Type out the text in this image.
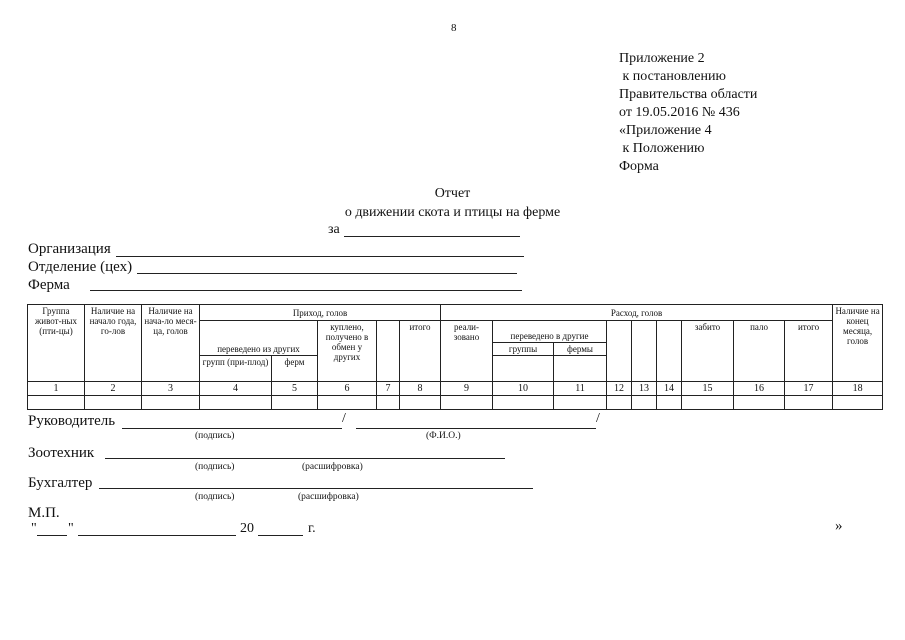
8
Приложение 2
к постановлению
Правительства области
от 19.05.2016 № 436
«Приложение 4
к Положению
Форма
Отчет
о движении скота и птицы на ферме
за
Организация
Отделение (цех)
Ферма
Группа живот-ных (пти-цы)	Наличие на начало года, го-лов	Наличие на нача-ло меся-ца, голов	Приход, голов					Расход, голов									Наличие на конец месяца, голов
					куплено, получено в обмен у других		итого	реали-зовано	переведено в другие					забито	пало	итого	
			переведено из других						группы	фермы							
			групп (при-плод)	ферм													
1	2	3	4	5	6	7	8	9	10	11	12	13	14	15	16	17	18

Руководитель	/	/
(подпись)	(Ф.И.О.)
Зоотехник
(подпись)	(расшифровка)
Бухгалтер
(подпись)	(расшифровка)
М.П.
" "	20	г.	»
